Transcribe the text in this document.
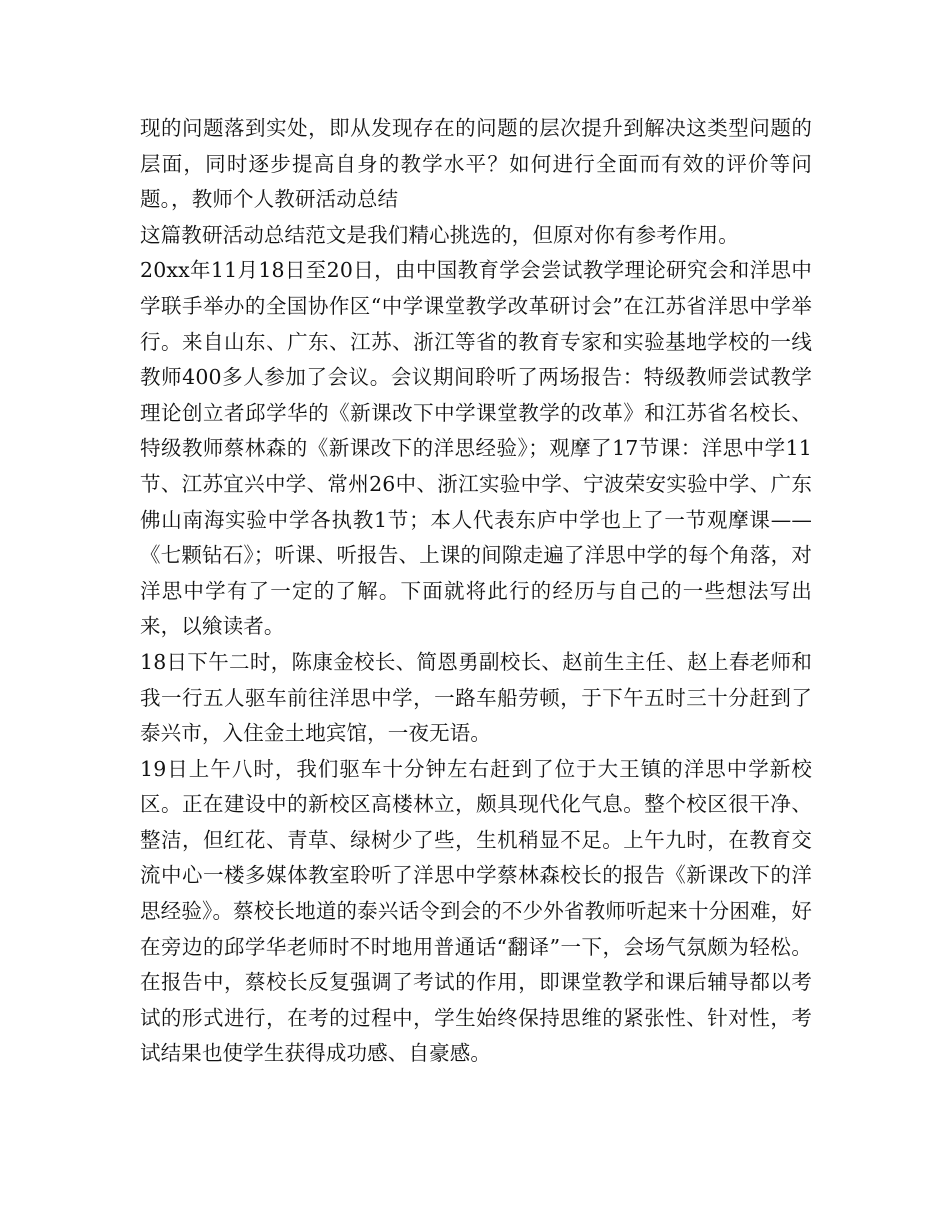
现的问题落到实处，即从发现存在的问题的层次提升到解决这类型问题的层面，同时逐步提高自身的教学水平？如何进行全面而有效的评价等问题。，教师个人教研活动总结

这篇教研活动总结范文是我们精心挑选的，但原对你有参考作用。

20xx年11月18日至20日，由中国教育学会尝试教学理论研究会和洋思中学联手举办的全国协作区“中学课堂教学改革研讨会”在江苏省洋思中学举行。来自山东、广东、江苏、浙江等省的教育专家和实验基地学校的一线教师400多人参加了会议。会议期间聆听了两场报告：特级教师尝试教学理论创立者邱学华的《新课改下中学课堂教学的改革》和江苏省名校长、特级教师蔡林森的《新课改下的洋思经验》；观摩了17节课：洋思中学11节、江苏宜兴中学、常州26中、浙江实验中学、宁波荣安实验中学、广东佛山南海实验中学各执教1节；本人代表东庐中学也上了一节观摩课——《七颗钻石》；听课、听报告、上课的间隙走遍了洋思中学的每个角落，对洋思中学有了一定的了解。下面就将此行的经历与自己的一些想法写出来，以飨读者。

18日下午二时，陈康金校长、简恩勇副校长、赵前生主任、赵上春老师和我一行五人驱车前往洋思中学，一路车船劳顿，于下午五时三十分赶到了泰兴市，入住金土地宾馆，一夜无语。

19日上午八时，我们驱车十分钟左右赶到了位于大王镇的洋思中学新校区。正在建设中的新校区高楼林立，颇具现代化气息。整个校区很干净、整洁，但红花、青草、绿树少了些，生机稍显不足。上午九时，在教育交流中心一楼多媒体教室聆听了洋思中学蔡林森校长的报告《新课改下的洋思经验》。蔡校长地道的泰兴话令到会的不少外省教师听起来十分困难，好在旁边的邱学华老师时不时地用普通话“翻译”一下，会场气氛颇为轻松。在报告中，蔡校长反复强调了考试的作用，即课堂教学和课后辅导都以考试的形式进行，在考的过程中，学生始终保持思维的紧张性、针对性，考试结果也使学生获得成功感、自豪感。
